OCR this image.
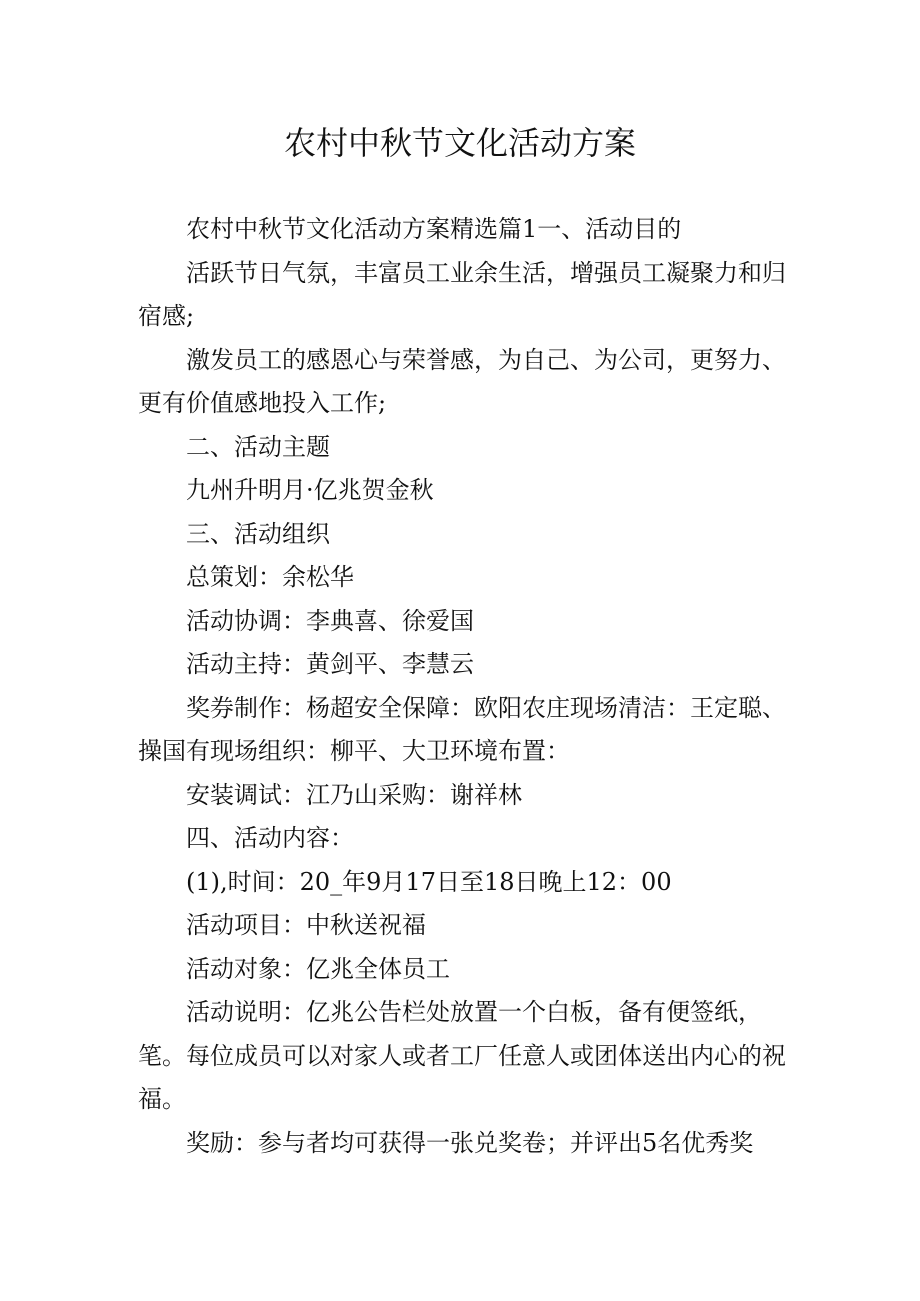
农村中秋节文化活动方案

农村中秋节文化活动方案精选篇1一、活动目的

活跃节日气氛，丰富员工业余生活，增强员工凝聚力和归宿感;

激发员工的感恩心与荣誉感，为自己、为公司，更努力、更有价值感地投入工作;

二、活动主题

九州升明月·亿兆贺金秋

三、活动组织

总策划：余松华

活动协调：李典喜、徐爱国

活动主持：黄剑平、李慧云

奖券制作：杨超安全保障：欧阳农庄现场清洁：王定聪、操国有现场组织：柳平、大卫环境布置：

安装调试：江乃山采购：谢祥林

四、活动内容：

(1),时间：20_年9月17日至18日晚上12：00

活动项目：中秋送祝福

活动对象：亿兆全体员工

活动说明：亿兆公告栏处放置一个白板，备有便签纸，笔。每位成员可以对家人或者工厂任意人或团体送出内心的祝福。

奖励：参与者均可获得一张兑奖卷；并评出5名优秀奖
